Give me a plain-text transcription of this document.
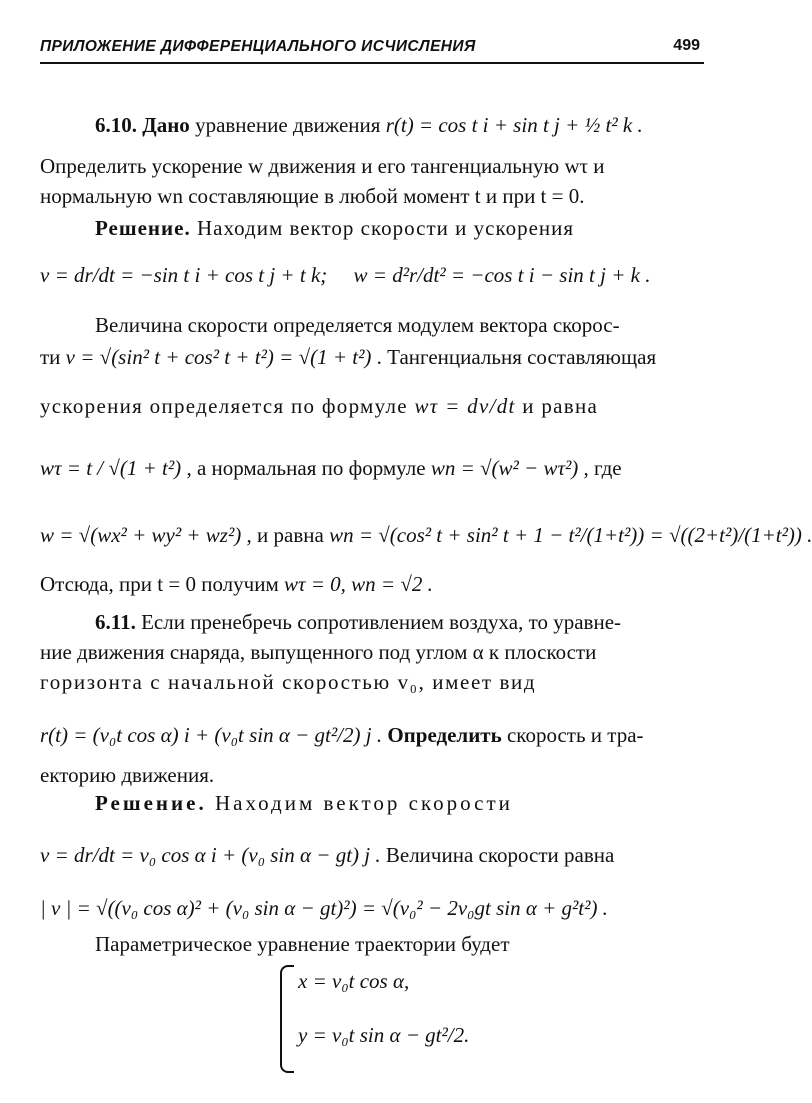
ПРИЛОЖЕНИЕ ДИФФЕРЕНЦИАЛЬНОГО ИСЧИСЛЕНИЯ	499
6.10. Дано уравнение движения r(t) = cos t i + sin t j + ½ t² k .
Определить ускорение w движения и его тангенциальную wτ и
нормальную wn составляющие в любой момент t и при t = 0.
Решение. Находим вектор скорости и ускорения
v = dr/dt = −sin t i + cos t j + t k; w = d²r/dt² = −cos t i − sin t j + k .
Величина скорости определяется модулем вектора скорос-
ти v = √(sin² t + cos² t + t²) = √(1 + t²) . Тангенциальня составляющая
ускорения определяется по формуле wτ = dv/dt и равна
wτ = t / √(1 + t²) , а нормальная по формуле wn = √(w² − wτ²) , где
w = √(wx² + wy² + wz²) , и равна wn = √(cos² t + sin² t + 1 − t²/(1+t²)) = √((2+t²)/(1+t²)) .
Отсюда, при t = 0 получим wτ = 0, wn = √2 .
6.11. Если пренебречь сопротивлением воздуха, то уравне-
ние движения снаряда, выпущенного под углом α к плоскости
горизонта с начальной скоростью v₀, имеет вид
r(t) = (v₀t cos α) i + (v₀t sin α − gt²/2) j . Определить скорость и тра-
екторию движения.
Решение. Находим вектор скорости
v = dr/dt = v₀ cos α i + (v₀ sin α − gt) j . Величина скорости равна
| v | = √((v₀ cos α)² + (v₀ sin α − gt)²) = √(v₀² − 2v₀gt sin α + g²t²) .
Параметрическое уравнение траектории будет
x = v₀t cos α,
y = v₀t sin α − gt²/2.
